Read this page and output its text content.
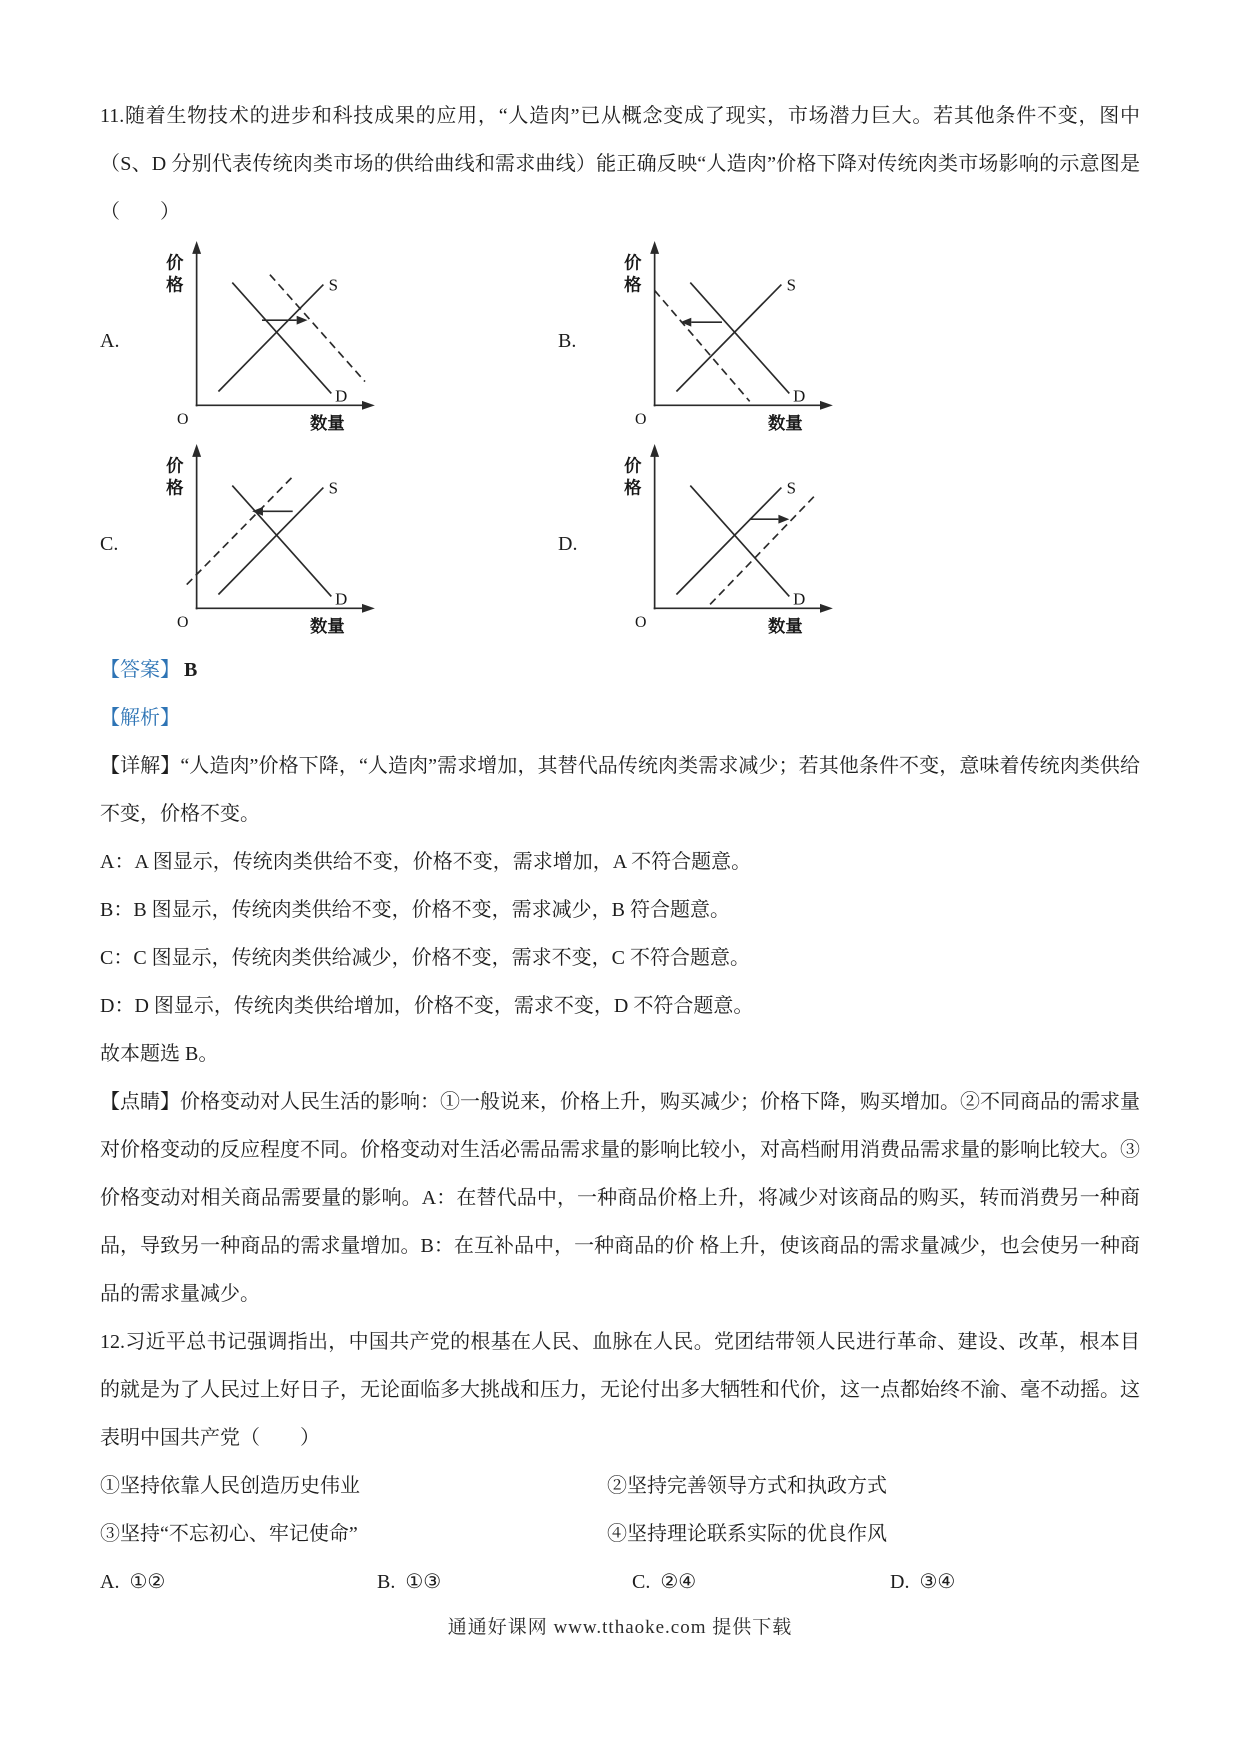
11.随着生物技术的进步和科技成果的应用，“人造肉”已从概念变成了现实，市场潜力巨大。若其他条件不变，图中（S、D 分别代表传统肉类市场的供给曲线和需求曲线）能正确反映“人造肉”价格下降对传统肉类市场影响的示意图是（　　）

A.
价
格
O	数量
S
D
B.
价
格
O	数量
S
D
C.
价
格
O	数量
S
D
D.
价
格
O	数量
S
D

【答案】 B

【解析】

【详解】“人造肉”价格下降，“人造肉”需求增加，其替代品传统肉类需求减少；若其他条件不变，意味着传统肉类供给不变，价格不变。

A：A 图显示，传统肉类供给不变，价格不变，需求增加，A 不符合题意。

B：B 图显示，传统肉类供给不变，价格不变，需求减少，B 符合题意。

C：C 图显示，传统肉类供给减少，价格不变，需求不变，C 不符合题意。

D：D 图显示，传统肉类供给增加，价格不变，需求不变，D 不符合题意。

故本题选 B。

【点睛】价格变动对人民生活的影响：①一般说来，价格上升，购买减少；价格下降，购买增加。②不同商品的需求量对价格变动的反应程度不同。价格变动对生活必需品需求量的影响比较小，对高档耐用消费品需求量的影响比较大。③价格变动对相关商品需要量的影响。A：在替代品中，一种商品价格上升，将减少对该商品的购买，转而消费另一种商品，导致另一种商品的需求量增加。B：在互补品中，一种商品的价 格上升，使该商品的需求量减少，也会使另一种商品的需求量减少。

12.习近平总书记强调指出，中国共产党的根基在人民、血脉在人民。党团结带领人民进行革命、建设、改革，根本目的就是为了人民过上好日子，无论面临多大挑战和压力，无论付出多大牺牲和代价，这一点都始终不渝、毫不动摇。这表明中国共产党（　　）

①坚持依靠人民创造历史伟业	②坚持完善领导方式和执政方式
③坚持“不忘初心、牢记使命”	④坚持理论联系实际的优良作风
A. ①②	B. ①③	C. ②④	D. ③④
通通好课网 www.tthaoke.com 提供下载
